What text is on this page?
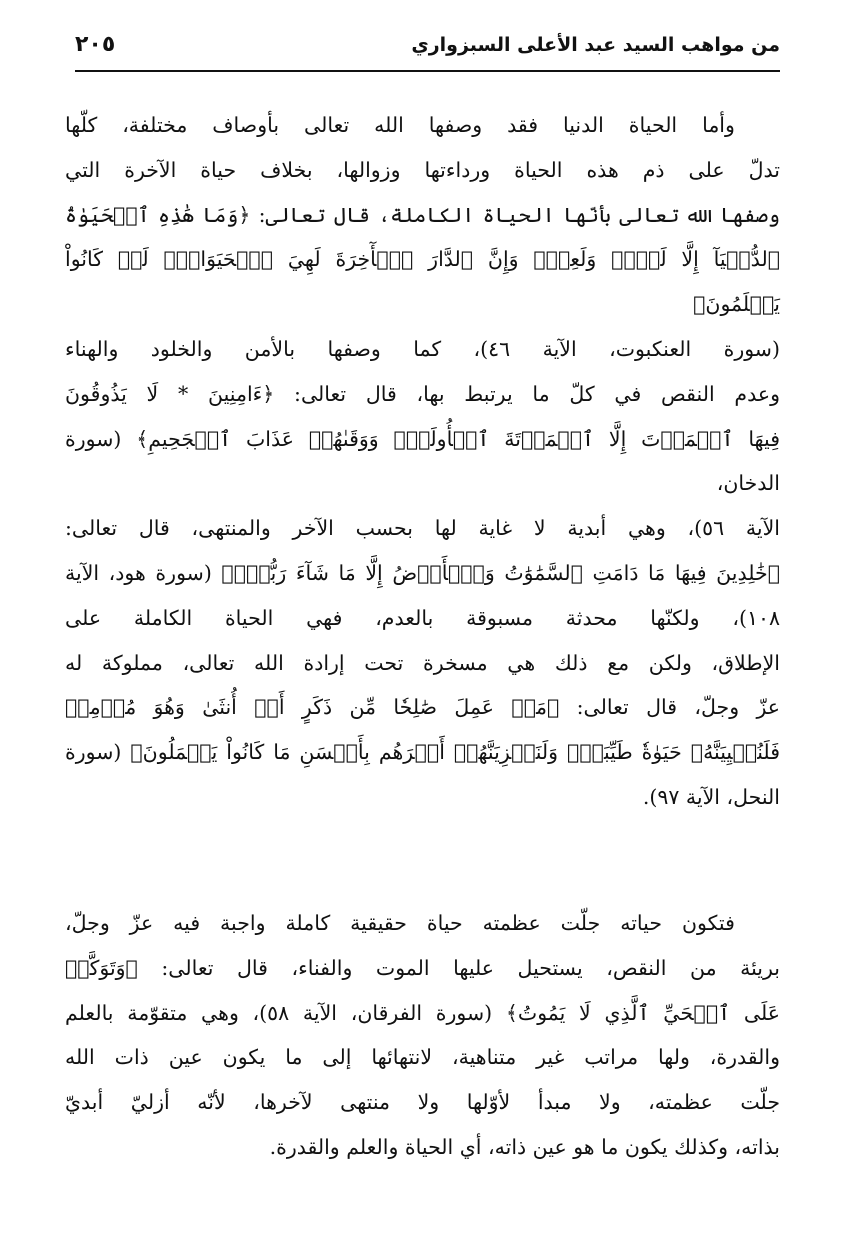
من مواهب السيد عبد الأعلى السبزواري
٢٠٥
وأما الحياة الدنيا فقد وصفها الله تعالى بأوصاف مختلفة، كلّها
تدلّ على ذم هذه الحياة ورداءتها وزوالها، بخلاف حياة الآخرة التي
وصفها الله تعالى بأنّها الحياة الكاملة، قال تعالى: ﴿وَمَا هَٰذِهِ ٱلۡحَيَوٰةُ
ٱلدُّنۡيَآ إِلَّا لَهۡوٞ وَلَعِبٞۚ وَإِنَّ ٱلدَّارَ ٱلۡأٓخِرَةَ لَهِيَ ٱلۡحَيَوَانُۚ لَوۡ كَانُواْ يَعۡلَمُونَ﴾
(سورة العنكبوت، الآية ٤٦)، كما وصفها بالأمن والخلود والهناء
وعدم النقص في كلّ ما يرتبط بها، قال تعالى: ﴿ءَامِنِينَ * لَا يَذُوقُونَ
فِيهَا ٱلۡمَوۡتَ إِلَّا ٱلۡمَوۡتَةَ ٱلۡأُولَىٰۖ وَوَقَىٰهُمۡ عَذَابَ ٱلۡجَحِيمِ﴾ (سورة الدخان،
الآية ٥٦)، وهي أبدية لا غاية لها بحسب الآخر والمنتهى، قال تعالى:
﴿خَٰلِدِينَ فِيهَا مَا دَامَتِ ٱلسَّمَٰوَٰتُ وَٱلۡأَرۡضُ إِلَّا مَا شَآءَ رَبُّكَۚ﴾ (سورة هود، الآية
١٠٨)، ولكنّها محدثة مسبوقة بالعدم، فهي الحياة الكاملة على
الإطلاق، ولكن مع ذلك هي مسخرة تحت إرادة الله تعالى، مملوكة له
عزّ وجلّ، قال تعالى: ﴿مَنۡ عَمِلَ صَٰلِحٗا مِّن ذَكَرٍ أَوۡ أُنثَىٰ وَهُوَ مُؤۡمِنٞ
فَلَنُحۡيِيَنَّهُۥ حَيَوٰةٗ طَيِّبَةٗۖ وَلَنَجۡزِيَنَّهُمۡ أَجۡرَهُم بِأَحۡسَنِ مَا كَانُواْ يَعۡمَلُونَ﴾ (سورة
النحل، الآية ٩٧).
فتكون حياته جلّت عظمته حياة حقيقية كاملة واجبة فيه عزّ وجلّ،
بريئة من النقص، يستحيل عليها الموت والفناء، قال تعالى: ﴿وَتَوَكَّلۡ
عَلَى ٱلۡحَيِّ ٱلَّذِي لَا يَمُوتُ﴾ (سورة الفرقان، الآية ٥٨)، وهي متقوّمة بالعلم
والقدرة، ولها مراتب غير متناهية، لانتهائها إلى ما يكون عين ذات الله
جلّت عظمته، ولا مبدأ لأوّلها ولا منتهى لآخرها، لأنّه أزليّ أبديّ
بذاته، وكذلك يكون ما هو عين ذاته، أي الحياة والعلم والقدرة.
